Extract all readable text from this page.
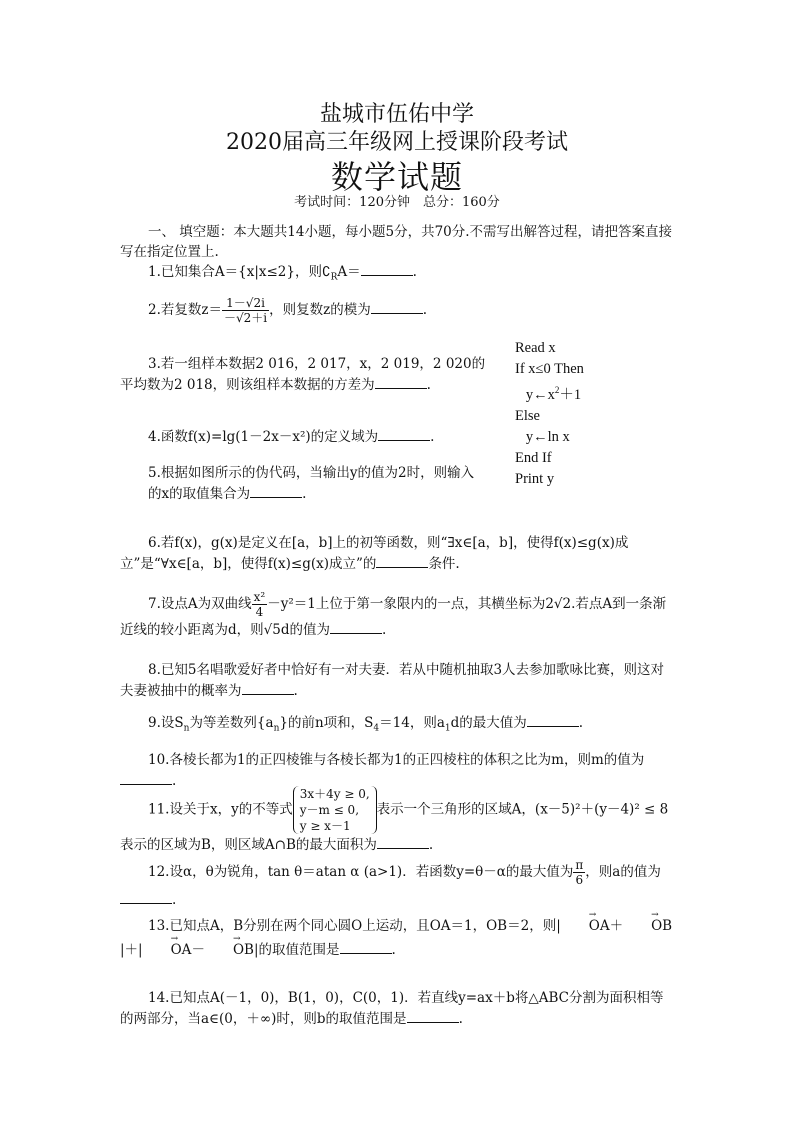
盐城市伍佑中学
2020届高三年级网上授课阶段考试
数学试题
考试时间：120分钟　总分：160分
一、 填空题：本大题共14小题，每小题5分，共70分.不需写出解答过程，请把答案直接写在指定位置上.
1.已知集合A＝{x|x≤2}，则$∁_RA=$	.
2.若复数$z= \frac{1-√2i}{-√2+i}$ ，则复数z的模为	.
3.若一组样本数据2 016，2 017，x，2 019，2 020的平均数为2 018，则该组样本数据的方差为	.
4.函数f(x)=lg(1－2x－x²)的定义域为	.
5.根据如图所示的伪代码，当输出y的值为2时，则输入的x的取值集合为	.
Read x
If x≤0 Then
$y\leftarrow x^2+1$
Else
y←ln x
End If
Print y
6.若f(x)，g(x)是定义在[a，b]上的初等函数，则“∃x∈[a，b]，使得f(x)≤g(x)成立”是“∀x∈[a，b]，使得f(x)≤g(x)成立”的	条件.
7.设点A为双曲线 $\frac{\text{x²}}{4} -y^2=1$上位于第一象限内的一点，其横坐标为2√2.若点A到一条渐近线的较小距离为d，则√5d的值为	.
8.已知5名唱歌爱好者中恰好有一对夫妻．若从中随机抽取3人去参加歌咏比赛，则这对夫妻被抽中的概率为	.
9.设$S_n$为等差数列$\{a_n\}$的前n项和，$S_4=14$，则$a_1d$的最大值为	.
10.各棱长都为1的正四棱锥与各棱长都为1的正四棱柱的体积之比为m，则m的值为.
11.设关于x，y的不等式
3x＋4y ≥ 0,
y－m ≤ 0,
y ≥ x－1
表示一个三角形的区域A，(x－5)²＋(y－4)² ≤ 8表示的区域为B，则区域A∩B的最大面积为	.
12.设α，θ为锐角，tan θ＝atan α (a>1)．若函数y=θ－α的最大值为 $\frac{\pi}{6}$ ，则a的值为.
13.已知点A，B分别在两个同心圆O上运动，且OA＝1，OB＝2，则| → OA＋ → OB|＋| → OA－ → OB|的取值范围是	.
14.已知点A(－1，0)，B(1，0)，C(0，1)．若直线y=ax＋b将△ABC分割为面积相等的两部分，当a∈(0，＋∞)时，则b的取值范围是	.
